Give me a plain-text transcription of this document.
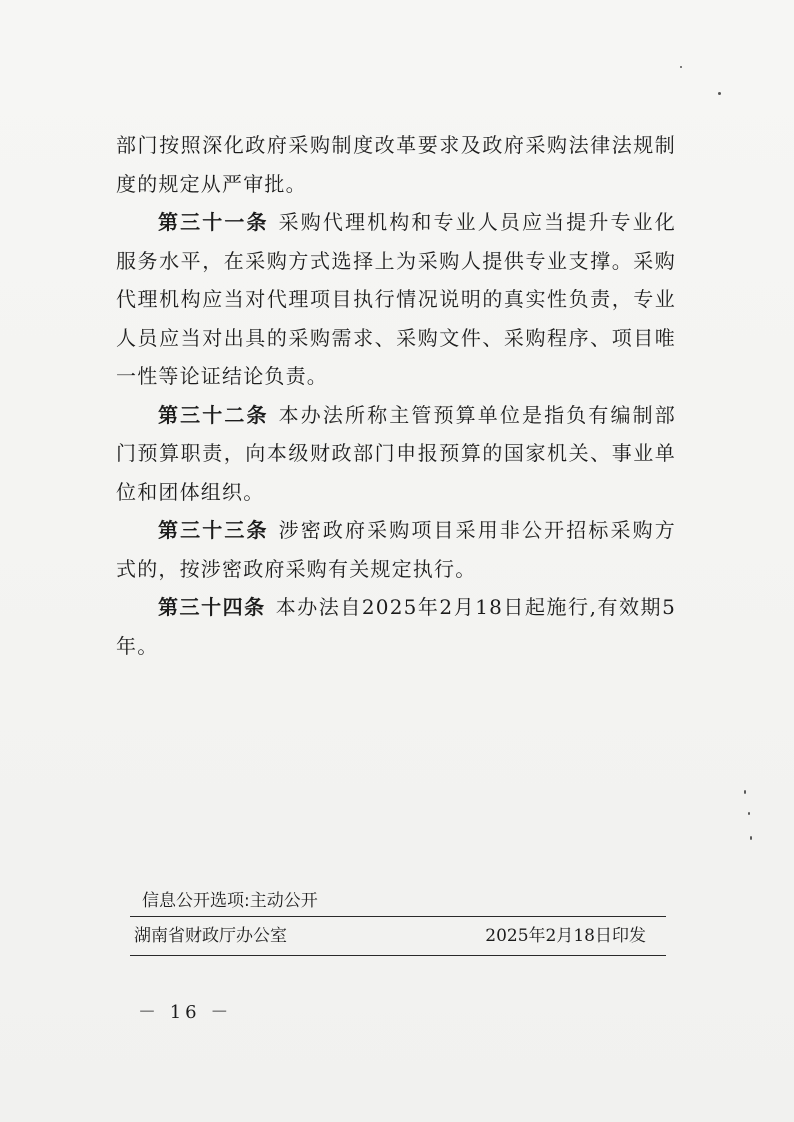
部门按照深化政府采购制度改革要求及政府采购法律法规制度的规定从严审批。

第三十一条 采购代理机构和专业人员应当提升专业化服务水平，在采购方式选择上为采购人提供专业支撑。采购代理机构应当对代理项目执行情况说明的真实性负责，专业人员应当对出具的采购需求、采购文件、采购程序、项目唯一性等论证结论负责。

第三十二条 本办法所称主管预算单位是指负有编制部门预算职责，向本级财政部门申报预算的国家机关、事业单位和团体组织。

第三十三条 涉密政府采购项目采用非公开招标采购方式的，按涉密政府采购有关规定执行。

第三十四条 本办法自2025年2月18日起施行,有效期5年。

信息公开选项:主动公开
湖南省财政厅办公室	2025年2月18日印发
－ 16 －
